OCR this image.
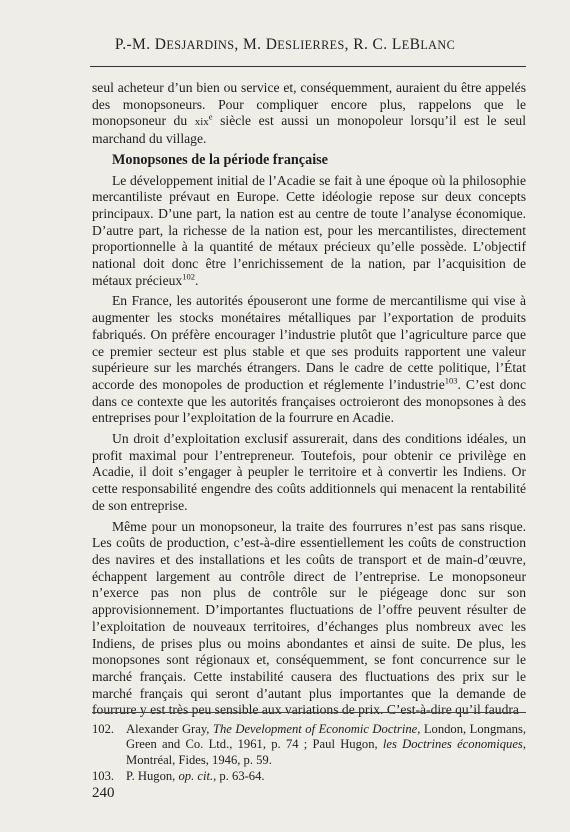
P.-M. DESJARDINS, M. DESLIERRES, R. C. LEBLANC

seul acheteur d’un bien ou service et, conséquemment, auraient du être appelés des monopsoneurs. Pour compliquer encore plus, rappelons que le monopsoneur du xix$^e$ siècle est aussi un monopoleur lorsqu’il est le seul marchand du village.

Monopsones de la période française

Le développement initial de l’Acadie se fait à une époque où la philosophie mercantiliste prévaut en Europe. Cette idéologie repose sur deux concepts principaux. D’une part, la nation est au centre de toute l’analyse économique. D’autre part, la richesse de la nation est, pour les mercantilistes, directement proportionnelle à la quantité de métaux précieux qu’elle possède. L’objectif national doit donc être l’enrichissement de la nation, par l’acquisition de métaux précieux$^{102}$.

En France, les autorités épouseront une forme de mercantilisme qui vise à augmenter les stocks monétaires métalliques par l’exportation de produits fabriqués. On préfère encourager l’industrie plutôt que l’agriculture parce que ce premier secteur est plus stable et que ses produits rapportent une valeur supérieure sur les marchés étrangers. Dans le cadre de cette politique, l’État accorde des monopoles de production et réglemente l’industrie$^{103}$. C’est donc dans ce contexte que les autorités françaises octroieront des monopsones à des entreprises pour l’exploitation de la fourrure en Acadie.

Un droit d’exploitation exclusif assurerait, dans des conditions idéales, un profit maximal pour l’entrepreneur. Toutefois, pour obtenir ce privilège en Acadie, il doit s’engager à peupler le territoire et à convertir les Indiens. Or cette responsabilité engendre des coûts additionnels qui menacent la rentabilité de son entreprise.

Même pour un monopsoneur, la traite des fourrures n’est pas sans risque. Les coûts de production, c’est-à-dire essentiellement les coûts de construction des navires et des installations et les coûts de transport et de main-d’œuvre, échappent largement au contrôle direct de l’entreprise. Le monopsoneur n’exerce pas non plus de contrôle sur le piégeage donc sur son approvisionnement. D’importantes fluctuations de l’offre peuvent résulter de l’exploitation de nouveaux territoires, d’échanges plus nombreux avec les Indiens, de prises plus ou moins abondantes et ainsi de suite. De plus, les monopsones sont régionaux et, conséquemment, se font concurrence sur le marché français. Cette instabilité causera des fluctuations des prix sur le marché français qui seront d’autant plus importantes que la demande de fourrure y est très peu sensible aux variations de prix. C’est-à-dire qu’il faudra

102. Alexander Gray, The Development of Economic Doctrine, London, Longmans, Green and Co. Ltd., 1961, p. 74 ; Paul Hugon, les Doctrines économiques, Montréal, Fides, 1946, p. 59.
103. P. Hugon, op. cit., p. 63-64.
240
